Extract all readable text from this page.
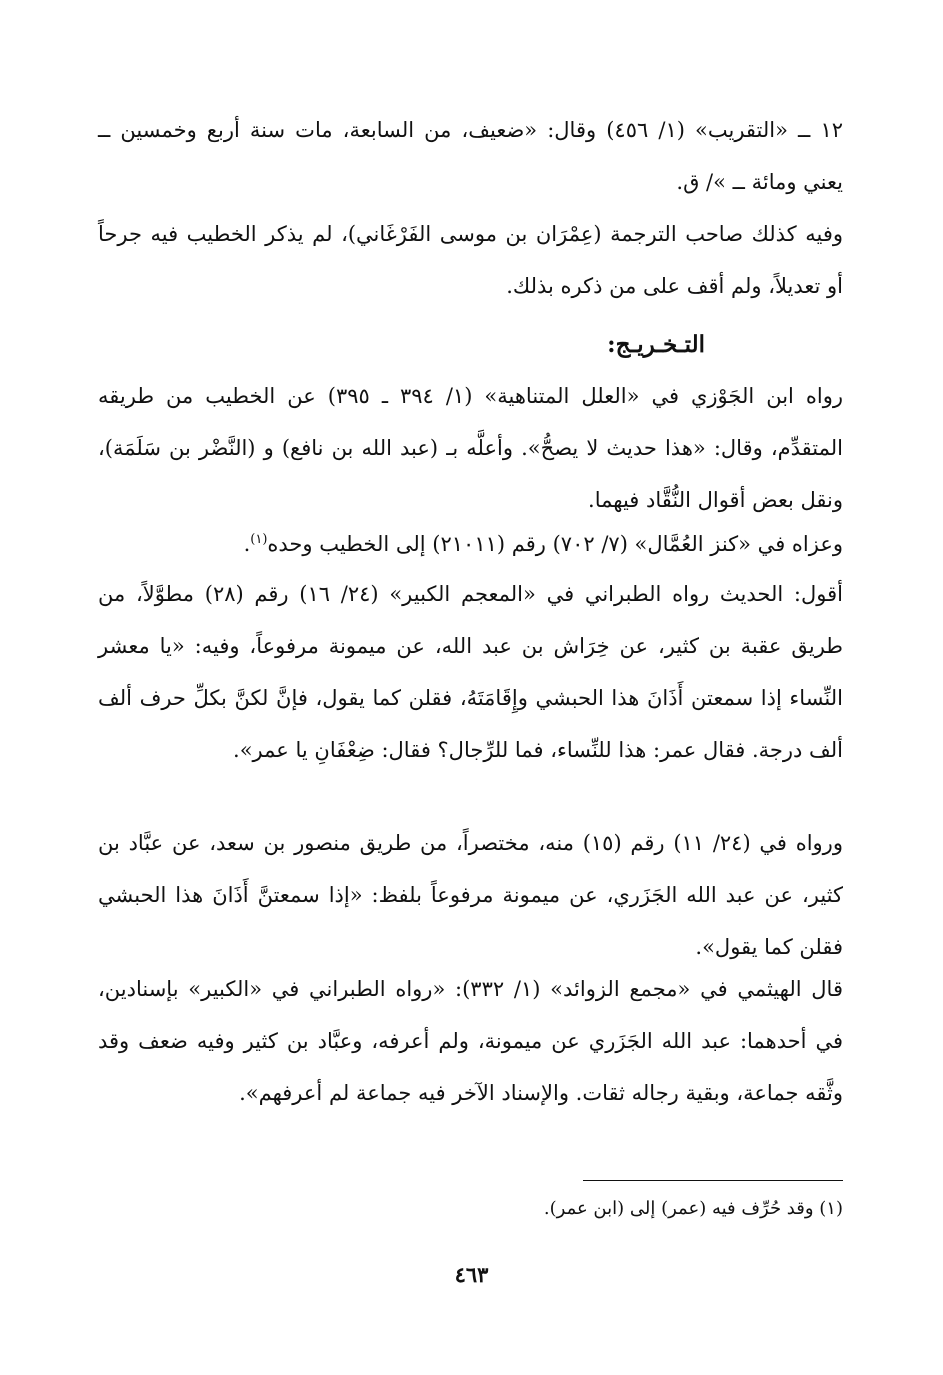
١٢ ــ «التقريب» (١/ ٤٥٦) وقال: «ضعيف، من السابعة، مات سنة أربع وخمسين ــ يعني ومائة ــ »/ ق.

وفيه كذلك صاحب الترجمة (عِمْرَان بن موسى الفَرْغَاني)، لم يذكر الخطيب فيه جرحاً أو تعديلاً، ولم أقف على من ذكره بذلك.

التـخـريـج:

رواه ابن الجَوْزي في «العلل المتناهية» (١/ ٣٩٤ ـ ٣٩٥) عن الخطيب من طريقه المتقدِّم، وقال: «هذا حديث لا يصحُّ». وأعلَّه بـ (عبد الله بن نافع) و (النَّضْر بن سَلَمَة)، ونقل بعض أقوال النُّقَّاد فيهما.

وعزاه في «كنز العُمَّال» (٧/ ٧٠٢) رقم (٢١٠١١) إلى الخطيب وحده$^{(١)}$.

أقول: الحديث رواه الطبراني في «المعجم الكبير» (٢٤/ ١٦) رقم (٢٨) مطوَّلاً، من طريق عقبة بن كثير، عن خِرَاش بن عبد الله، عن ميمونة مرفوعاً، وفيه: «يا معشر النِّساء إذا سمعتن أَذَانَ هذا الحبشي وإِقَامَتَهُ، فقلن كما يقول، فإنَّ لكنَّ بكلِّ حرف ألف ألف درجة. فقال عمر: هذا للنِّساء، فما للرِّجال؟ فقال: ضِعْفَانِ يا عمر».

ورواه في (٢٤/ ١١) رقم (١٥) منه، مختصراً، من طريق منصور بن سعد، عن عبَّاد بن كثير، عن عبد الله الجَزَري، عن ميمونة مرفوعاً بلفظ: «إذا سمعتنَّ أَذَانَ هذا الحبشي فقلن كما يقول».

قال الهيثمي في «مجمع الزوائد» (١/ ٣٣٢): «رواه الطبراني في «الكبير» بإسنادين، في أحدهما: عبد الله الجَزَري عن ميمونة، ولم أعرفه، وعبَّاد بن كثير وفيه ضعف وقد وثَّقه جماعة، وبقية رجاله ثقات. والإسناد الآخر فيه جماعة لم أعرفهم».

(١) وقد حُرِّف فيه (عمر) إلى (ابن عمر).

٤٦٣
